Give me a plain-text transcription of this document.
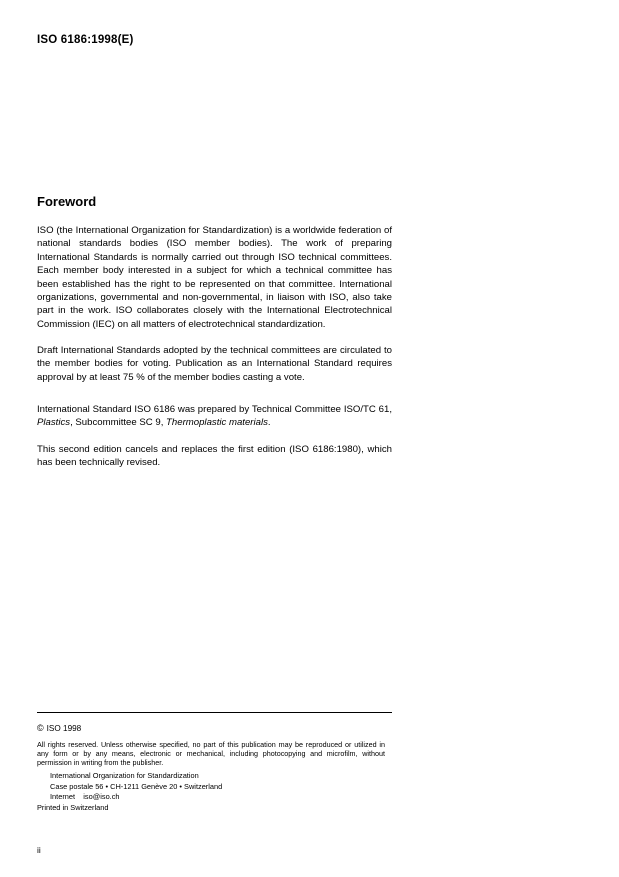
ISO 6186:1998(E)
Foreword

ISO (the International Organization for Standardization) is a worldwide federation of national standards bodies (ISO member bodies). The work of preparing International Standards is normally carried out through ISO technical committees. Each member body interested in a subject for which a technical committee has been established has the right to be represented on that committee. International organizations, governmental and non-governmental, in liaison with ISO, also take part in the work. ISO collaborates closely with the International Electrotechnical Commission (IEC) on all matters of electrotechnical standardization.

Draft International Standards adopted by the technical committees are circulated to the member bodies for voting. Publication as an International Standard requires approval by at least 75 % of the member bodies casting a vote.

International Standard ISO 6186 was prepared by Technical Committee ISO/TC 61, Plastics, Subcommittee SC 9, Thermoplastic materials.

This second edition cancels and replaces the first edition (ISO 6186:1980), which has been technically revised.

© ISO 1998
All rights reserved. Unless otherwise specified, no part of this publication may be reproduced or utilized in any form or by any means, electronic or mechanical, including photocopying and microfilm, without permission in writing from the publisher.
International Organization for Standardization
Case postale 56 • CH-1211 Genève 20 • Switzerland
Internet    iso@iso.ch
Printed in Switzerland
ii
